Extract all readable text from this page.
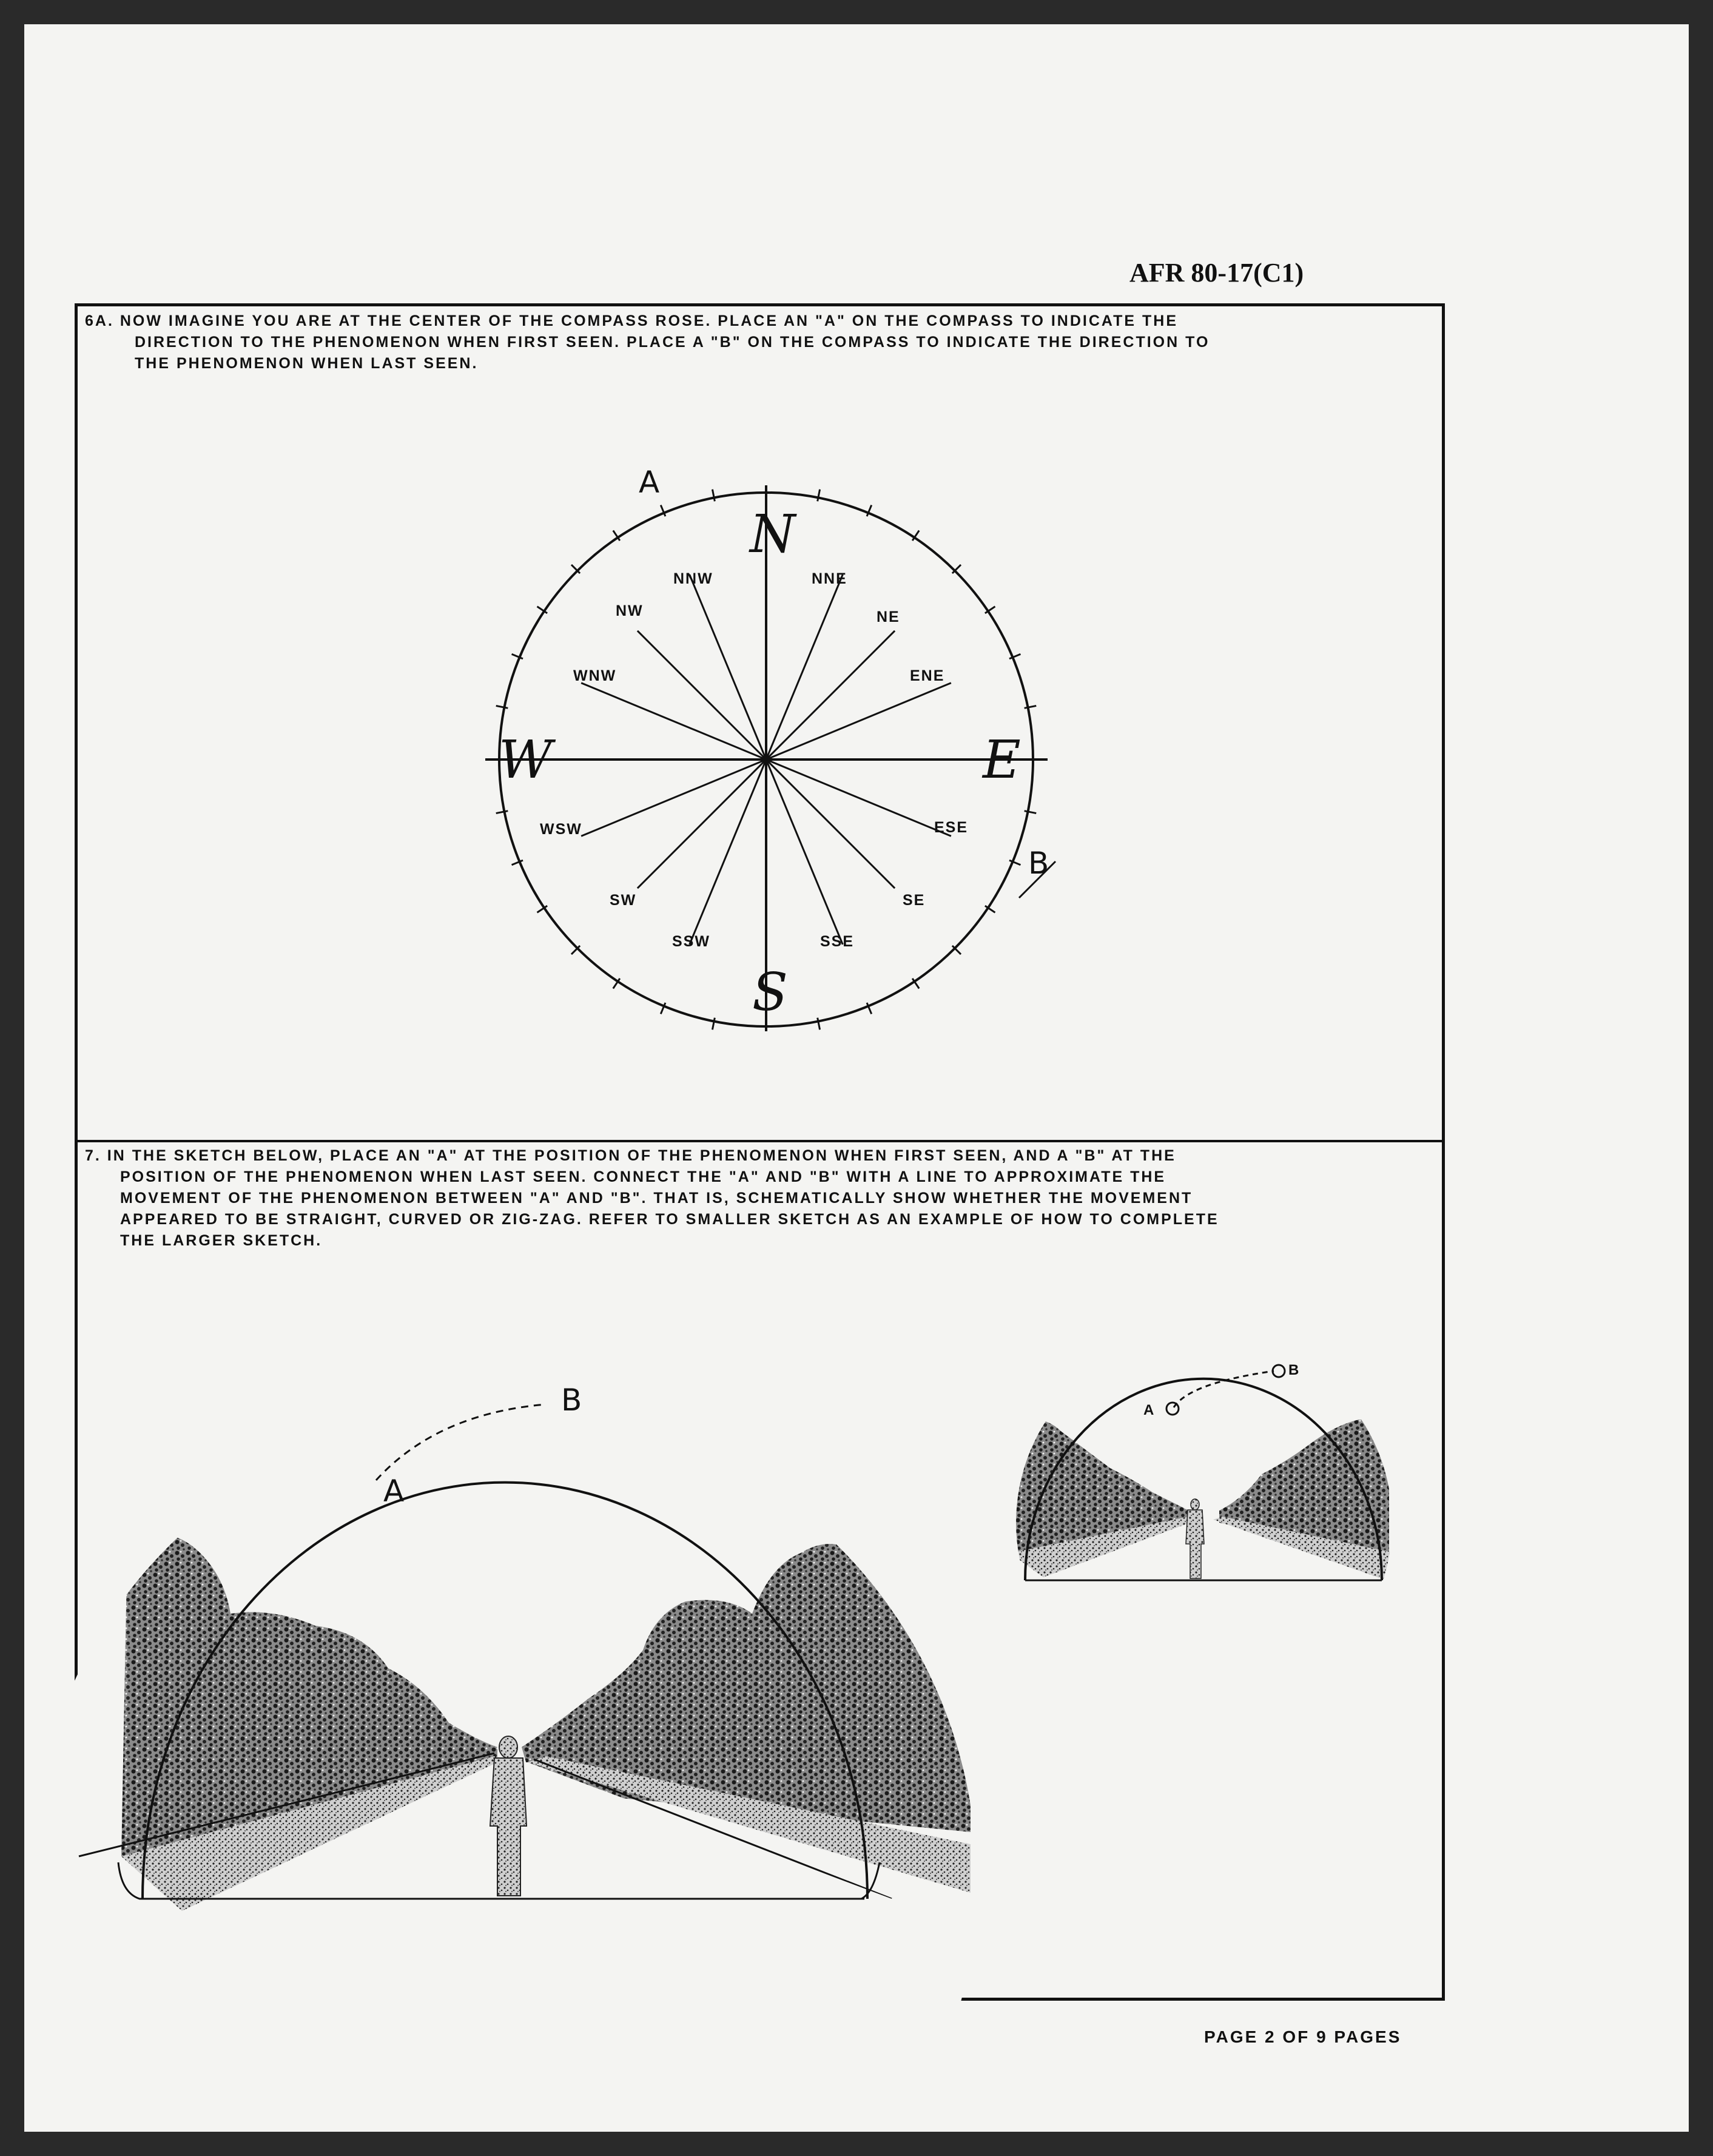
AFR 80-17(C1)
6A. NOW IMAGINE YOU ARE AT THE CENTER OF THE COMPASS ROSE. PLACE AN "A" ON THE COMPASS TO INDICATE THE
DIRECTION TO THE PHENOMENON WHEN FIRST SEEN. PLACE A "B" ON THE COMPASS TO INDICATE THE DIRECTION TO
THE PHENOMENON WHEN LAST SEEN.
7. IN THE SKETCH BELOW, PLACE AN "A" AT THE POSITION OF THE PHENOMENON WHEN FIRST SEEN, AND A "B" AT THE
POSITION OF THE PHENOMENON WHEN LAST SEEN. CONNECT THE "A" AND "B" WITH A LINE TO APPROXIMATE THE
MOVEMENT OF THE PHENOMENON BETWEEN "A" AND "B". THAT IS, SCHEMATICALLY SHOW WHETHER THE MOVEMENT
APPEARED TO BE STRAIGHT, CURVED OR ZIG-ZAG. REFER TO SMALLER SKETCH AS AN EXAMPLE OF HOW TO COMPLETE
THE LARGER SKETCH.
N
E
S
W
NNW	NNE
NW	NE
WNW	ENE
WSW	ESE
SW	SE
SSW	SSE
A
B
A
B	A
B
PAGE 2 OF 9 PAGES
